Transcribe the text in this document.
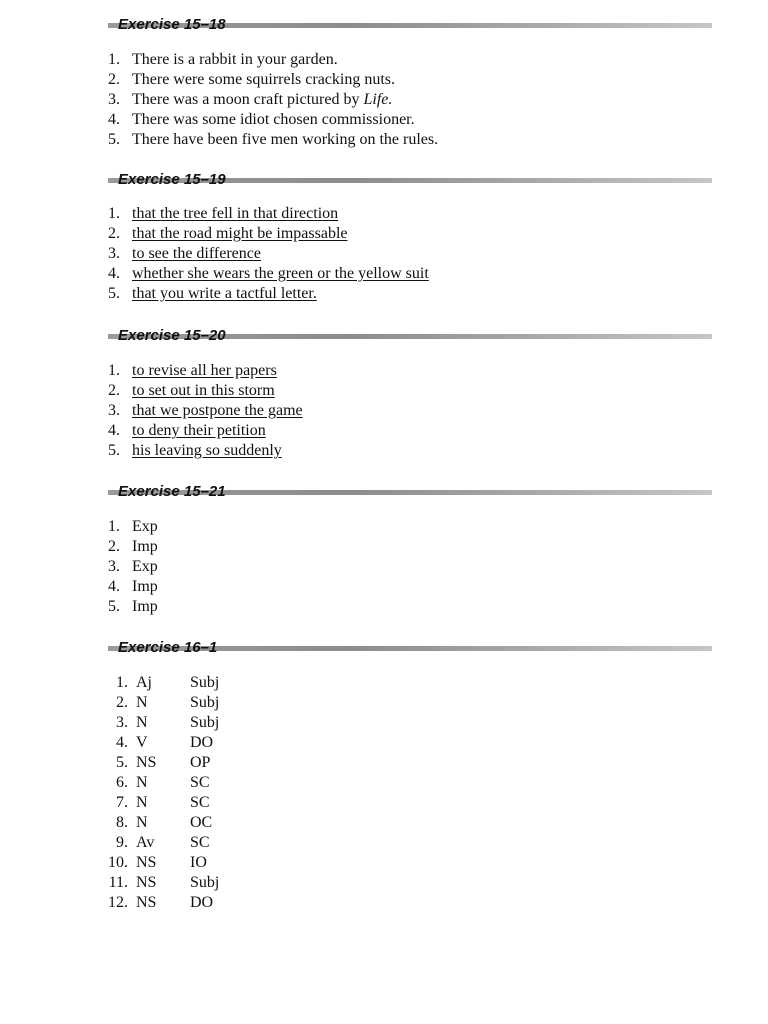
Exercise 15–18
1. There is a rabbit in your garden.
2. There were some squirrels cracking nuts.
3. There was a moon craft pictured by Life.
4. There was some idiot chosen commissioner.
5. There have been five men working on the rules.
Exercise 15–19
1. that the tree fell in that direction
2. that the road might be impassable
3. to see the difference
4. whether she wears the green or the yellow suit
5. that you write a tactful letter.
Exercise 15–20
1. to revise all her papers
2. to set out in this storm
3. that we postpone the game
4. to deny their petition
5. his leaving so suddenly
Exercise 15–21
1. Exp
2. Imp
3. Exp
4. Imp
5. Imp
Exercise 16–1
1. Aj Subj
2. N	Subj
3. N	Subj
4. V	DO
5. NS OP
6. N	SC
7. N	SC
8. N	OC
9. Av SC
10. NS IO
11. NS Subj
12. NS DO
